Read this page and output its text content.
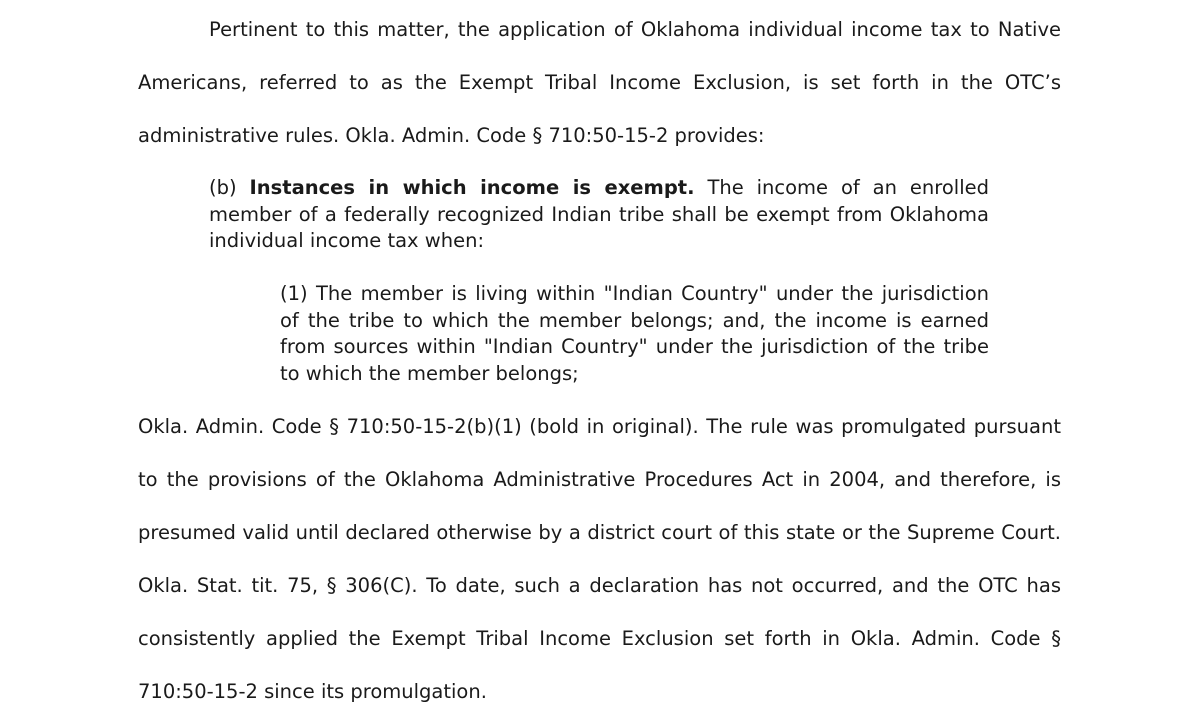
Pertinent to this matter, the application of Oklahoma individual income tax to Native Americans, referred to as the Exempt Tribal Income Exclusion, is set forth in the OTC’s administrative rules. Okla. Admin. Code § 710:50-15-2 provides:

(b) Instances in which income is exempt. The income of an enrolled member of a federally recognized Indian tribe shall be exempt from Oklahoma individual income tax when:

(1) The member is living within "Indian Country" under the jurisdiction of the tribe to which the member belongs; and, the income is earned from sources within "Indian Country" under the jurisdiction of the tribe to which the member belongs;

Okla. Admin. Code § 710:50-15-2(b)(1) (bold in original). The rule was promulgated pursuant to the provisions of the Oklahoma Administrative Procedures Act in 2004, and therefore, is presumed valid until declared otherwise by a district court of this state or the Supreme Court. Okla. Stat. tit. 75, § 306(C). To date, such a declaration has not occurred, and the OTC has consistently applied the Exempt Tribal Income Exclusion set forth in Okla. Admin. Code § 710:50-15-2 since its promulgation.
